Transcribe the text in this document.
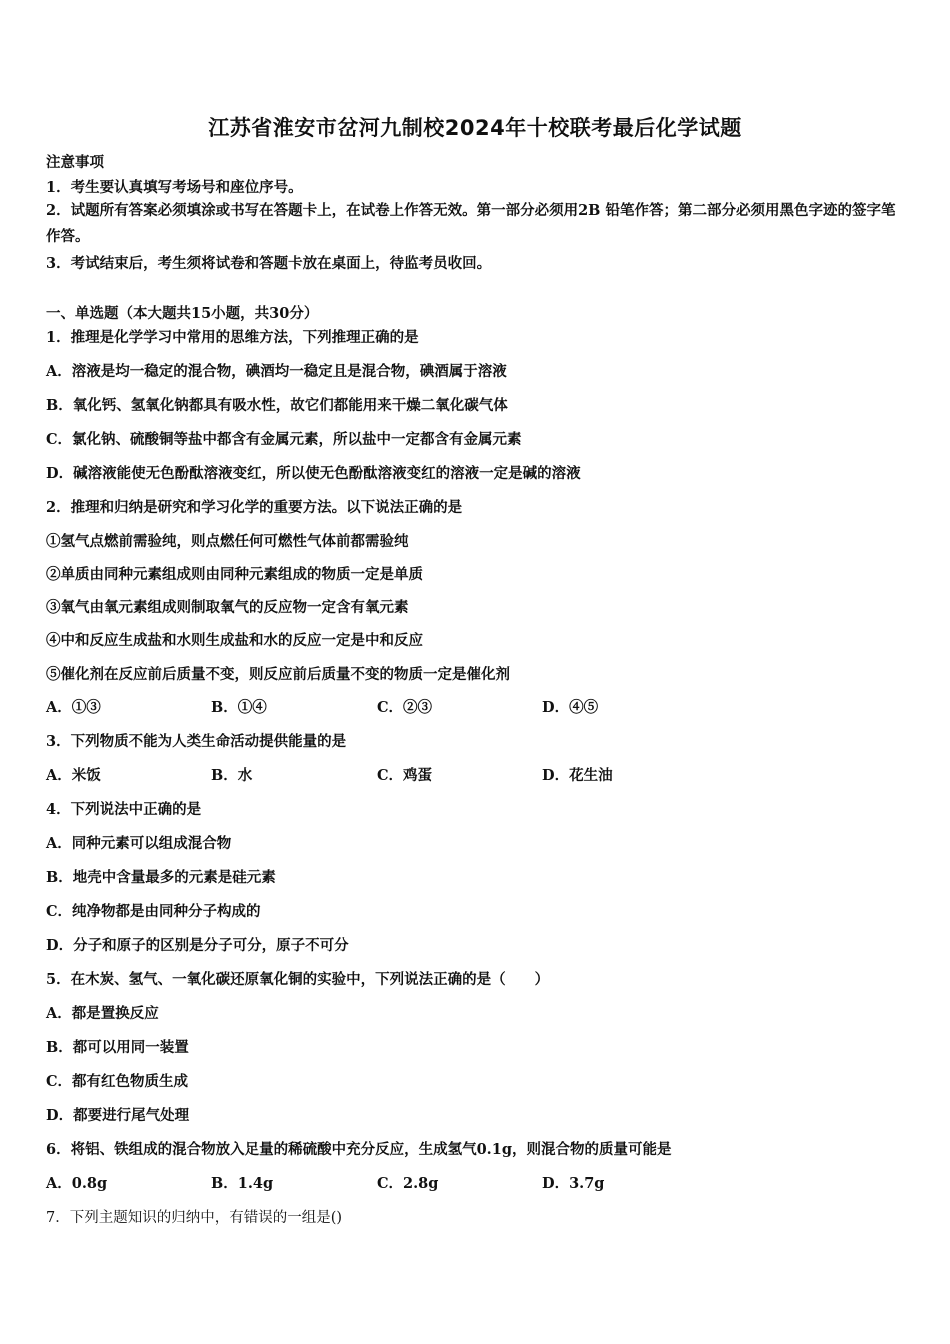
江苏省淮安市岔河九制校2024年十校联考最后化学试题
注意事项
1．考生要认真填写考场号和座位序号。
2．试题所有答案必须填涂或书写在答题卡上，在试卷上作答无效。第一部分必须用2B 铅笔作答；第二部分必须用黑色字迹的签字笔作答。
3．考试结束后，考生须将试卷和答题卡放在桌面上，待监考员收回。
一、单选题（本大题共15小题，共30分）
1．推理是化学学习中常用的思维方法，下列推理正确的是
A．溶液是均一稳定的混合物，碘酒均一稳定且是混合物，碘酒属于溶液
B．氧化钙、氢氧化钠都具有吸水性，故它们都能用来干燥二氧化碳气体
C．氯化钠、硫酸铜等盐中都含有金属元素，所以盐中一定都含有金属元素
D．碱溶液能使无色酚酞溶液变红，所以使无色酚酞溶液变红的溶液一定是碱的溶液
2．推理和归纳是研究和学习化学的重要方法。以下说法正确的是
①氢气点燃前需验纯，则点燃任何可燃性气体前都需验纯
②单质由同种元素组成则由同种元素组成的物质一定是单质
③氧气由氧元素组成则制取氧气的反应物一定含有氧元素
④中和反应生成盐和水则生成盐和水的反应一定是中和反应
⑤催化剂在反应前后质量不变，则反应前后质量不变的物质一定是催化剂
A．①③	B．①④	C．②③	D．④⑤
3．下列物质不能为人类生命活动提供能量的是
A．米饭	B．水	C．鸡蛋	D．花生油
4．下列说法中正确的是
A．同种元素可以组成混合物
B．地壳中含量最多的元素是硅元素
C．纯净物都是由同种分子构成的
D．分子和原子的区别是分子可分，原子不可分
5．在木炭、氢气、一氧化碳还原氧化铜的实验中，下列说法正确的是（　　）
A．都是置换反应
B．都可以用同一装置
C．都有红色物质生成
D．都要进行尾气处理
6．将铝、铁组成的混合物放入足量的稀硫酸中充分反应，生成氢气0.1g，则混合物的质量可能是
A．0.8g	B．1.4g	C．2.8g	D．3.7g
7．下列主题知识的归纳中，有错误的一组是()
